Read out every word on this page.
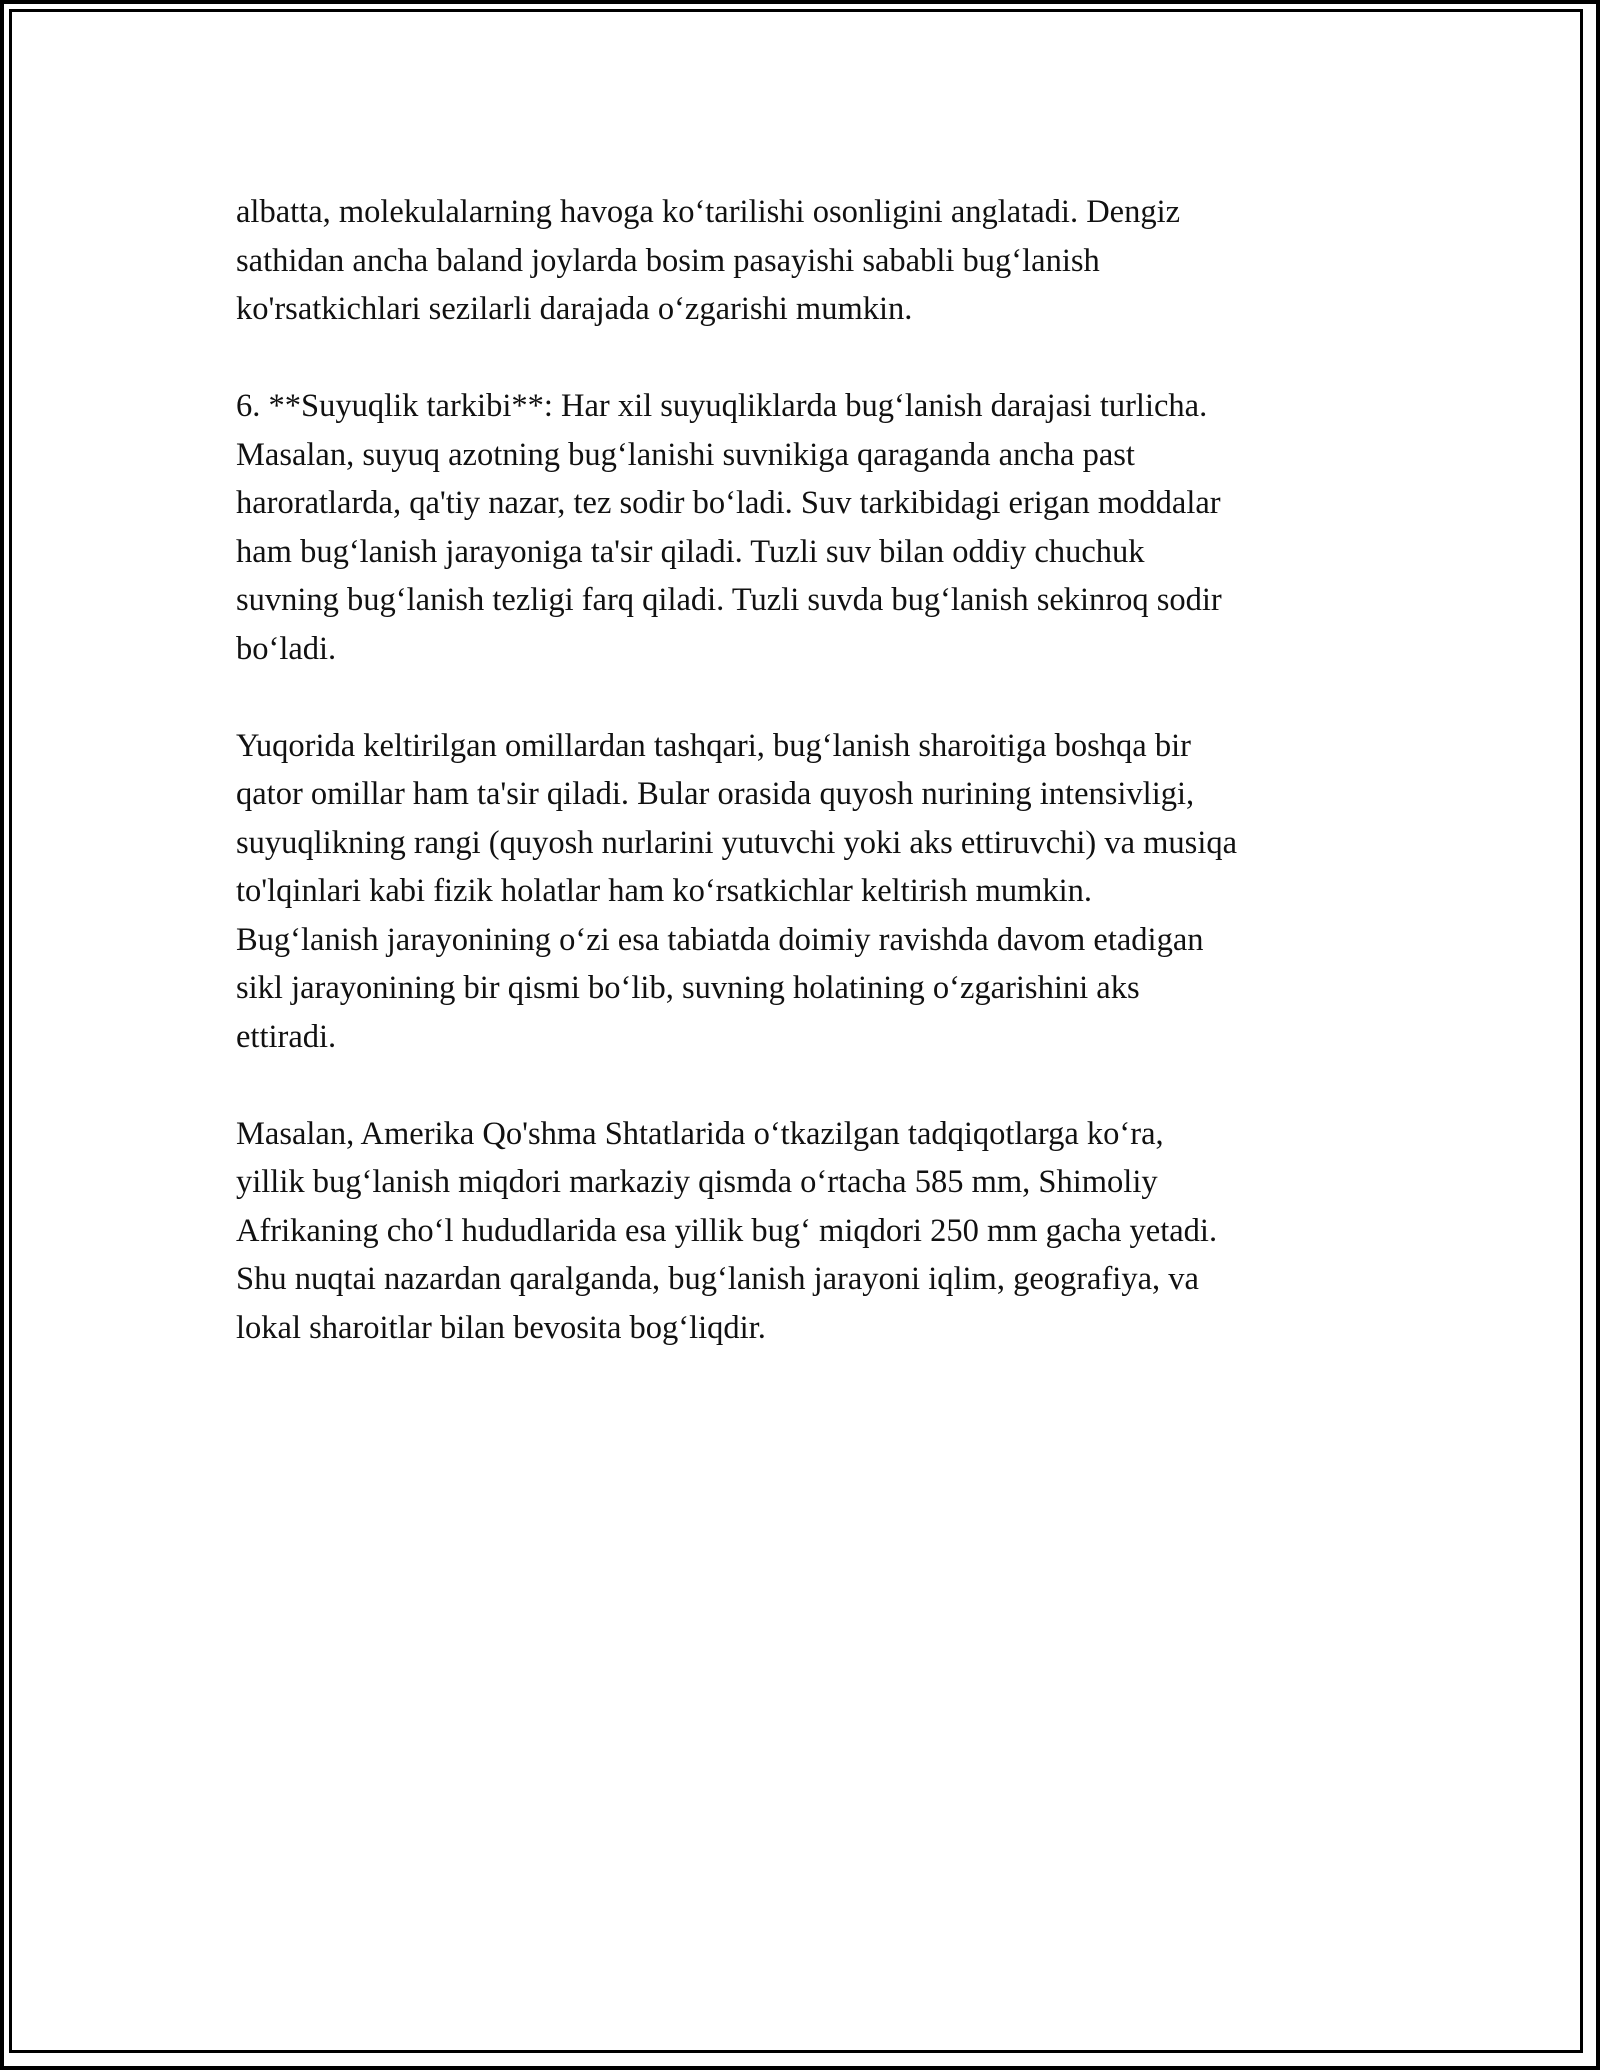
albatta, molekulalarning havoga ko‘tarilishi osonligini anglatadi. Dengiz
sathidan ancha baland joylarda bosim pasayishi sababli bug‘lanish
ko'rsatkichlari sezilarli darajada o‘zgarishi mumkin.

6. **Suyuqlik tarkibi**: Har xil suyuqliklarda bug‘lanish darajasi turlicha.
Masalan, suyuq azotning bug‘lanishi suvnikiga qaraganda ancha past
haroratlarda, qa'tiy nazar, tez sodir bo‘ladi. Suv tarkibidagi erigan moddalar
ham bug‘lanish jarayoniga ta'sir qiladi. Tuzli suv bilan oddiy chuchuk
suvning bug‘lanish tezligi farq qiladi. Tuzli suvda bug‘lanish sekinroq sodir
bo‘ladi.

Yuqorida keltirilgan omillardan tashqari, bug‘lanish sharoitiga boshqa bir
qator omillar ham ta'sir qiladi. Bular orasida quyosh nurining intensivligi,
suyuqlikning rangi (quyosh nurlarini yutuvchi yoki aks ettiruvchi) va musiqa
to'lqinlari kabi fizik holatlar ham ko‘rsatkichlar keltirish mumkin.
Bug‘lanish jarayonining o‘zi esa tabiatda doimiy ravishda davom etadigan
sikl jarayonining bir qismi bo‘lib, suvning holatining o‘zgarishini aks
ettiradi.

Masalan, Amerika Qo'shma Shtatlarida o‘tkazilgan tadqiqotlarga ko‘ra,
yillik bug‘lanish miqdori markaziy qismda o‘rtacha 585 mm, Shimoliy
Afrikaning cho‘l hududlarida esa yillik bug‘ miqdori 250 mm gacha yetadi.
Shu nuqtai nazardan qaralganda, bug‘lanish jarayoni iqlim, geografiya, va
lokal sharoitlar bilan bevosita bog‘liqdir.
